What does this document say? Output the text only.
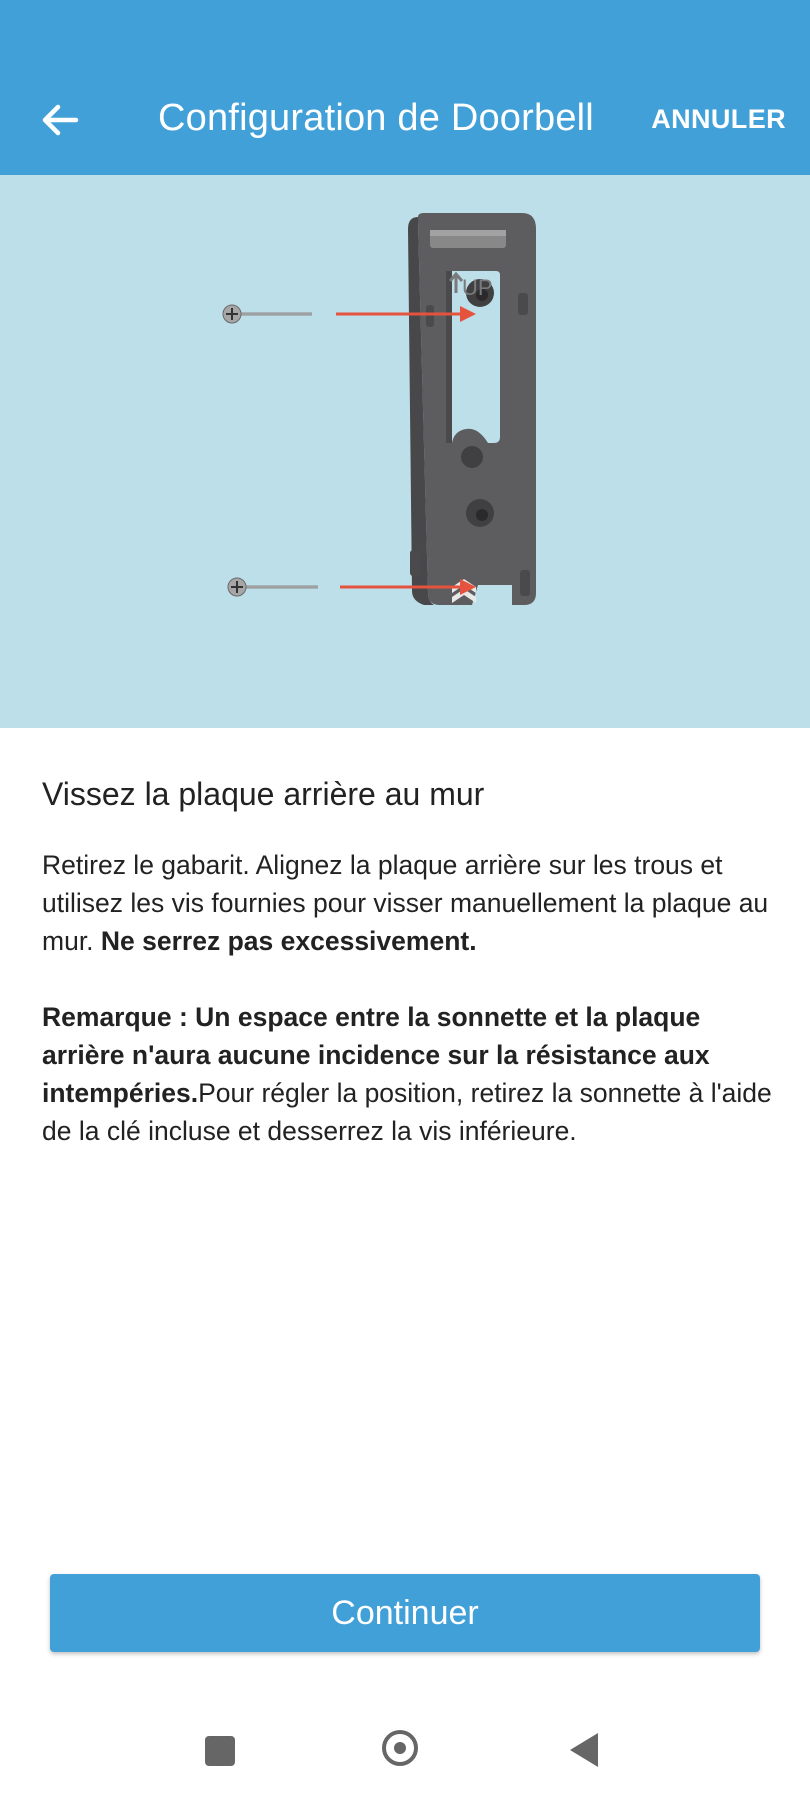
Configuration de Doorbell ANNULER
UP
Vissez la plaque arrière au mur

Retirez le gabarit. Alignez la plaque arrière sur les trous et utilisez les vis fournies pour visser manuellement la plaque au mur. Ne serrez pas excessivement.

Remarque : Un espace entre la sonnette et la plaque arrière n'aura aucune incidence sur la résistance aux intempéries.Pour régler la position, retirez la sonnette à l'aide de la clé incluse et desserrez la vis inférieure.

Continuer
